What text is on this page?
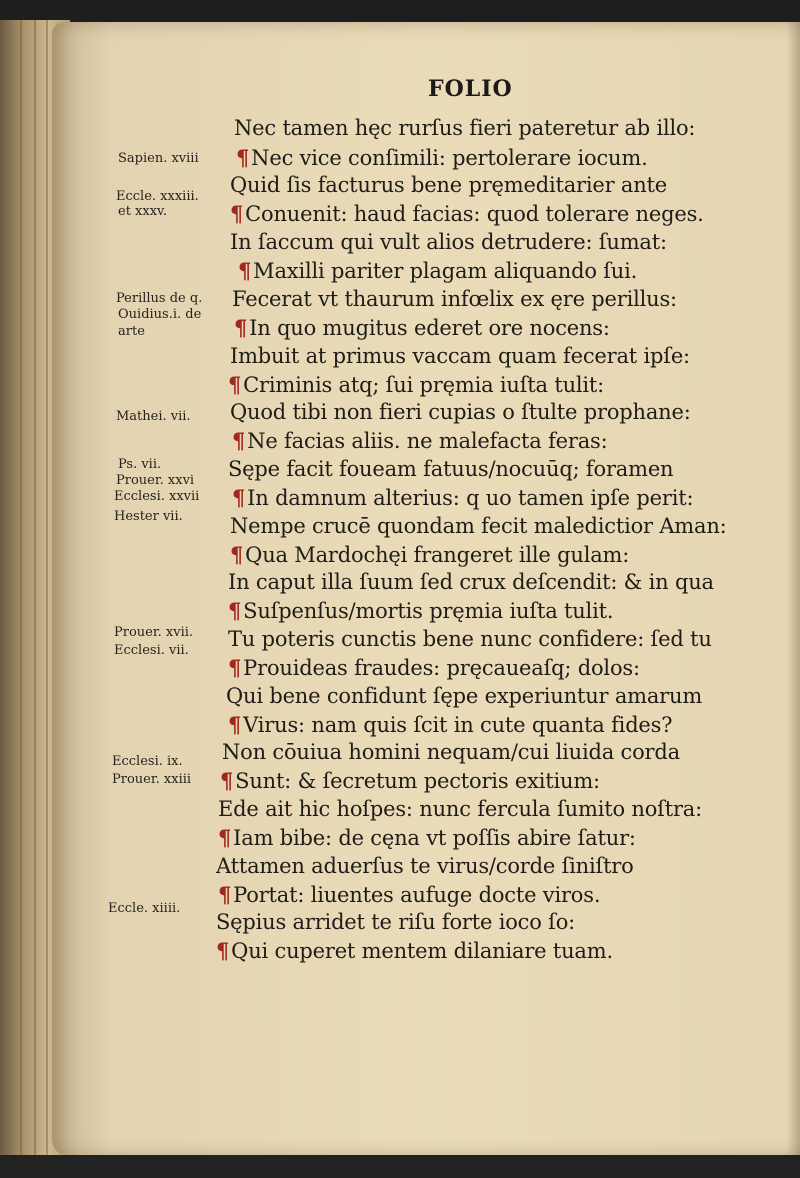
FOLIO
Nec tamen hęc rurſus fieri pateretur ab illo:
¶Nec vice conſimili: pertolerare iocum.
Quid ſis facturus bene pręmeditarier ante
¶Conuenit: haud facias: quod tolerare neges.
In ſaccum qui vult alios detrudere: ſumat:
¶Maxilli pariter plagam aliquando ſui.
Fecerat vt thaurum infœlix ex ęre perillus:
¶In quo mugitus ederet ore nocens:
Imbuit at primus vaccam quam fecerat ipſe:
¶Criminis atq; ſui pręmia iuſta tulit:
Quod tibi non fieri cupias o ſtulte prophane:
¶Ne facias aliis. ne malefacta feras:
Sępe facit foueam fatuus/nocuūq; foramen
¶In damnum alterius: q uo tamen ipſe perit:
Nempe crucē quondam fecit maledictior Aman:
¶Qua Mardochęi frangeret ille gulam:
In caput illa ſuum ſed crux deſcendit: & in qua
¶Suſpenſus/mortis pręmia iuſta tulit.
Tu poteris cunctis bene nunc confidere: ſed tu
¶Prouideas fraudes: pręcaueaſq; dolos:
Qui bene confidunt ſępe experiuntur amarum
¶Virus: nam quis ſcit in cute quanta fides?
Non cōuiua homini nequam/cui liuida corda
¶Sunt: & ſecretum pectoris exitium:
Ede ait hic hoſpes: nunc fercula ſumito noſtra:
¶Iam bibe: de cęna vt poſſis abire ſatur:
Attamen aduerſus te virus/corde ſiniſtro
¶Portat: liuentes aufuge docte viros.
Sępius arridet te riſu forte ioco ſo:
¶Qui cuperet mentem dilaniare tuam.
Sapien. xviii
Eccle. xxxiii.
et xxxv.
Perillus de q.
Ouidius.i. de
arte
Mathei. vii.
Ps. vii.
Prouer. xxvi
Ecclesi. xxvii
Hester vii.
Prouer. xvii.
Ecclesi. vii.
Ecclesi. ix.
Prouer. xxiii
Eccle. xiiii.
